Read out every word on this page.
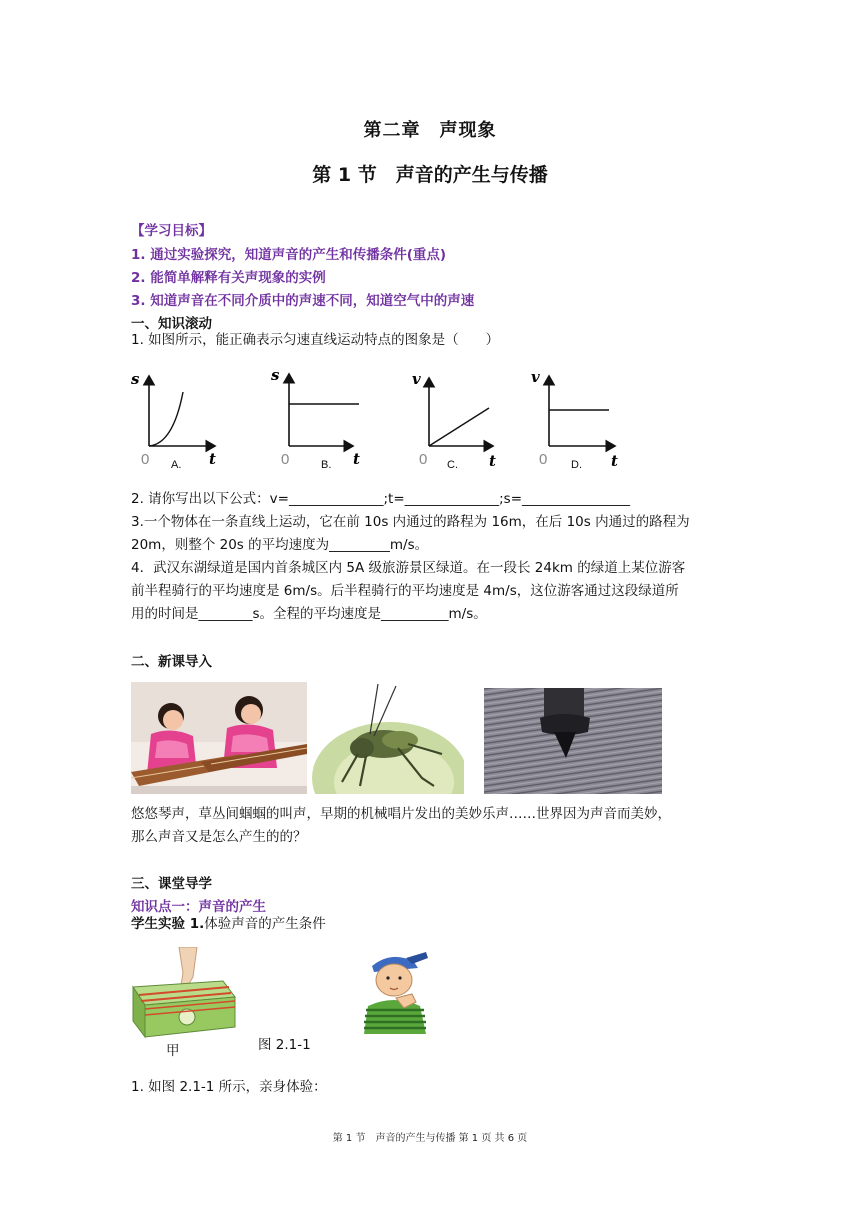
第二章　声现象
第 1 节　声音的产生与传播
【学习目标】
1. 通过实验探究，知道声音的产生和传播条件(重点)
2. 能简单解释有关声现象的实例
3. 知道声音在不同介质中的声速不同，知道空气中的声速
一、知识滚动
1. 如图所示，能正确表示匀速直线运动特点的图象是（　　）
s
t
0 A.
s
t
0	B.
v
t
0 C.
v
t
0 D.
2. 请你写出以下公式：v=______________;t=______________;s=________________
3.一个物体在一条直线上运动，它在前 10s 内通过的路程为 16m，在后 10s 内通过的路程为
20m，则整个 20s 的平均速度为_________m/s。
4．武汉东湖绿道是国内首条城区内 5A 级旅游景区绿道。在一段长 24km 的绿道上某位游客
前半程骑行的平均速度是 6m/s。后半程骑行的平均速度是 4m/s，这位游客通过这段绿道所
用的时间是________s。全程的平均速度是__________m/s。
二、新课导入
悠悠琴声，草丛间蝈蝈的叫声，早期的机械唱片发出的美妙乐声……世界因为声音而美妙，
那么声音又是怎么产生的的？
三、课堂导学
知识点一：声音的产生
学生实验 1.体验声音的产生条件
甲	图 2.1-1
1. 如图 2.1-1 所示，亲身体验：
第 1 节　声音的产生与传播 第 1 页 共 6 页
